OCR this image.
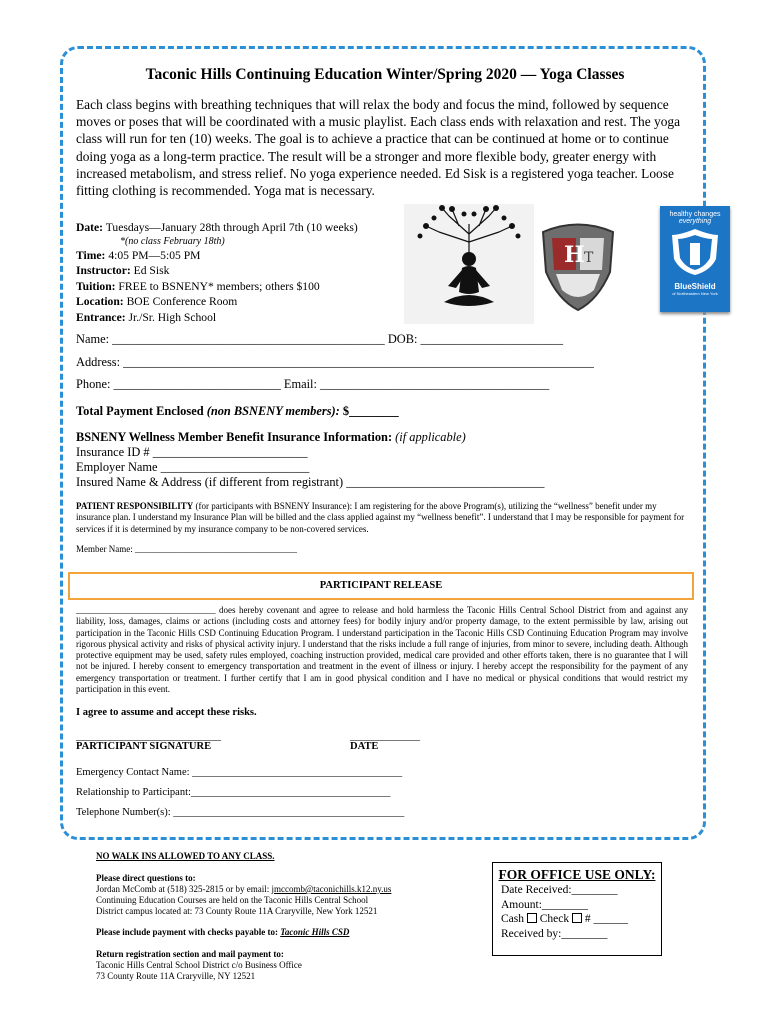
Taconic Hills Continuing Education Winter/Spring 2020 — Yoga Classes
Each class begins with breathing techniques that will relax the body and focus the mind, followed by sequence moves or poses that will be coordinated with a music playlist. Each class ends with relaxation and rest. The yoga class will run for ten (10) weeks. The goal is to achieve a practice that can be continued at home or to continue doing yoga as a long-term practice. The result will be a stronger and more flexible body, greater energy with increased metabolism, and stress relief. No yoga experience needed. Ed Sisk is a registered yoga teacher. Loose fitting clothing is recommended. Yoga mat is necessary.
Date: Tuesdays—January 28th through April 7th (10 weeks)
*(no class February 18th)
Time: 4:05 PM—5:05 PM
Instructor: Ed Sisk
Tuition: FREE to BSNENY* members; others $100
Location: BOE Conference Room
Entrance: Jr./Sr. High School
H T
healthy changes
everything
BlueShield
of Northeastern New York
Name: ____________________________________________ DOB: _______________________
Address: ____________________________________________________________________________
Phone: ___________________________ Email: _____________________________________
Total Payment Enclosed (non BSNENY members): $________
BSNENY Wellness Member Benefit Insurance Information: (if applicable)
Insurance ID # _________________________
Employer Name ________________________
Insured Name & Address (if different from registrant) ________________________________
PATIENT RESPONSIBILITY (for participants with BSNENY Insurance): I am registering for the above Program(s), utilizing the “wellness” benefit under my insurance plan. I understand my Insurance Plan will be billed and the class applied against my “wellness benefit”. I understand that I may be responsible for payment for services if it is determined by my insurance company to be non-covered services.
Member Name: ____________________________________
PARTICIPANT RELEASE
_______________________________ does hereby covenant and agree to release and hold harmless the Taconic Hills Central School District from and against any liability, loss, damages, claims or actions (including costs and attorney fees) for bodily injury and/or property damage, to the extent permissible by law, arising out participation in the Taconic Hills CSD Continuing Education Program. I understand participation in the Taconic Hills CSD Continuing Education Program may involve rigorous physical activity and risks of physical activity injury. I understand that the risks include a full range of injuries, from minor to severe, including death. Although protective equipment may be used, safety rules employed, coaching instruction provided, medical care provided and other efforts taken, there is no guarantee that I will not be injured. I hereby consent to emergency transportation and treatment in the event of illness or injury. I hereby accept the responsibility for the payment of any emergency transportation or treatment. I further certify that I am in good physical condition and I have no medical or physical conditions that would restrict my participation in this event.
I agree to assume and accept these risks.
_____________________________
PARTICIPANT SIGNATURE
______________
DATE
Emergency Contact Name: ________________________________________
Relationship to Participant:______________________________________
Telephone Number(s): ____________________________________________
NO WALK INS ALLOWED TO ANY CLASS.
Please direct questions to:
Jordan McComb at (518) 325-2815 or by email: jmccomb@taconichills.k12.ny.us
Continuing Education Courses are held on the Taconic Hills Central School
District campus located at: 73 County Route 11A Craryville, New York 12521
Please include payment with checks payable to: Taconic Hills CSD
Return registration section and mail payment to:
Taconic Hills Central School District c/o Business Office
73 County Route 11A Craryville, NY 12521
FOR OFFICE USE ONLY:
Date Received:________
Amount:________
Cash  Check  # ______
Received by:________
